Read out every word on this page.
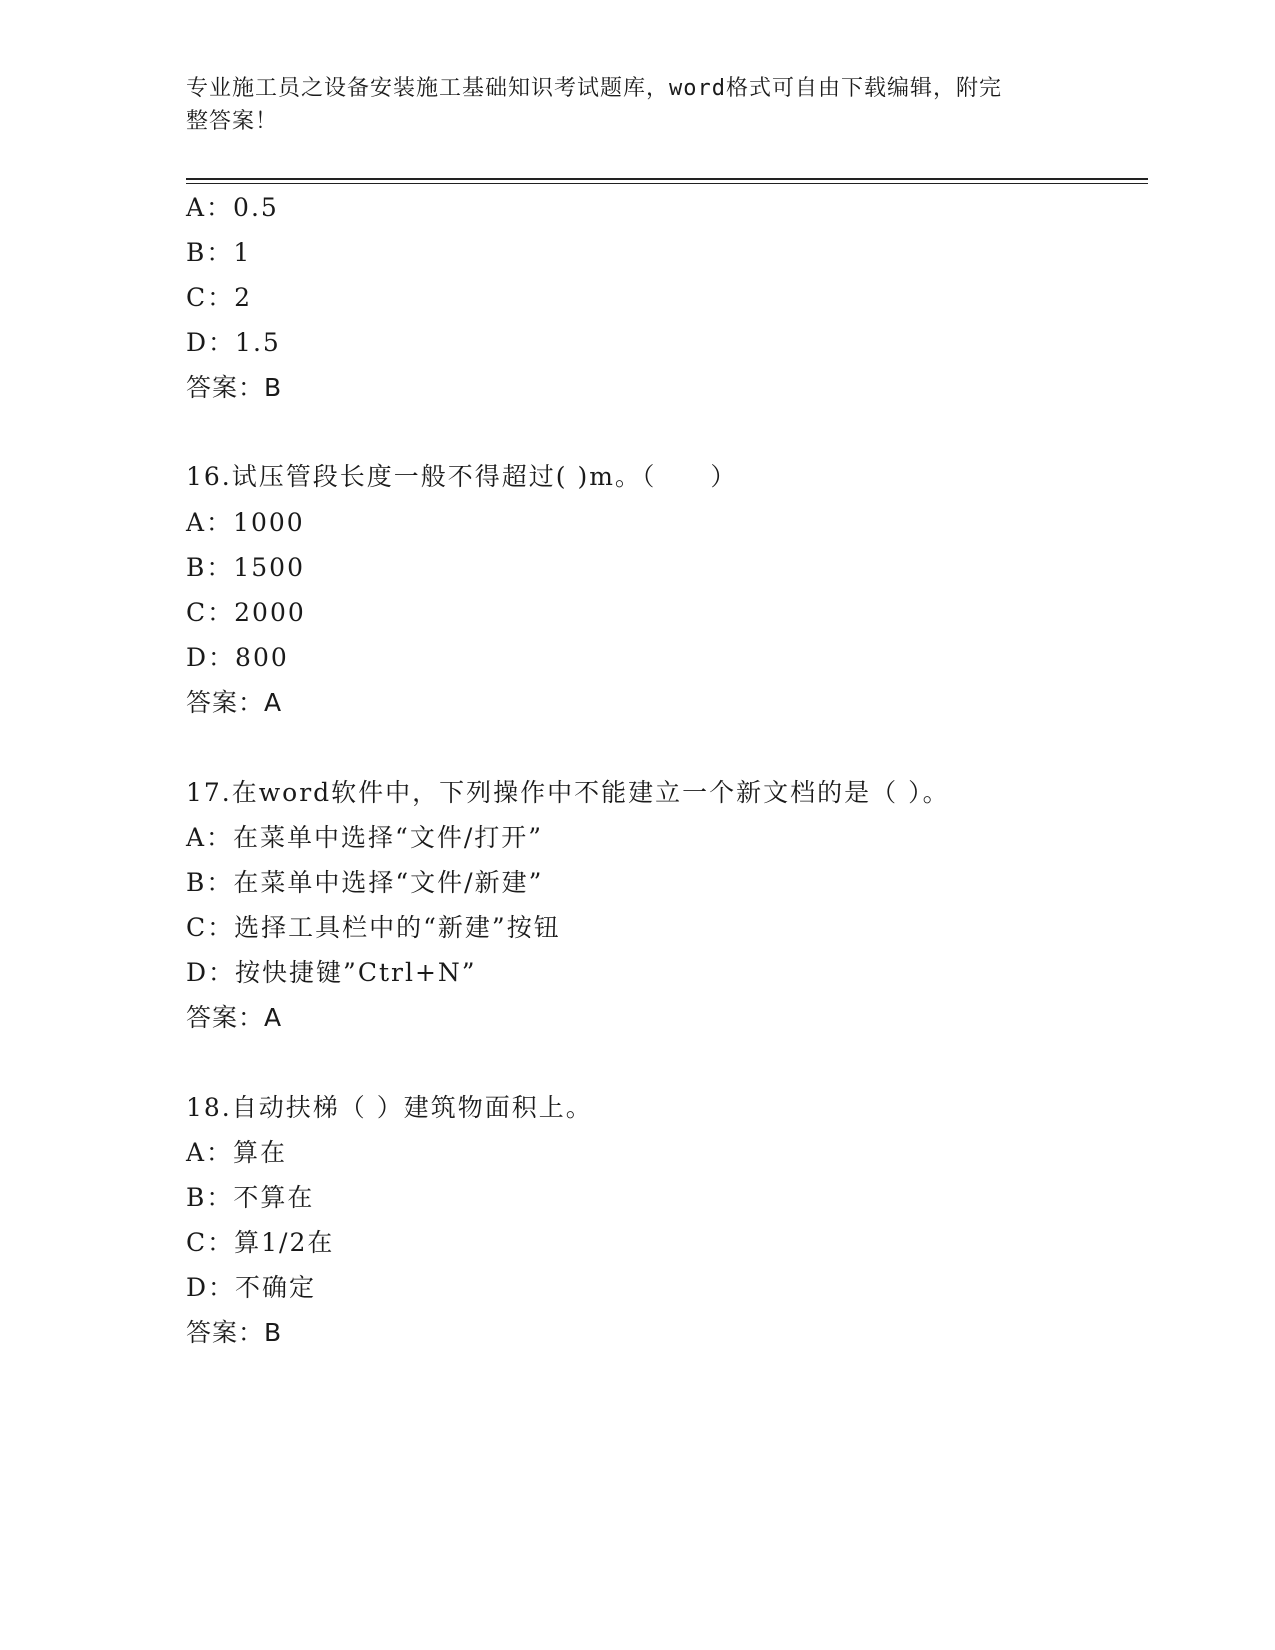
专业施工员之设备安装施工基础知识考试题库，word格式可自由下载编辑，附完
整答案！
A：0.5
B：1
C：2
D：1.5
答案：B
16.试压管段长度一般不得超过( )m。（　　）
A：1000
B：1500
C：2000
D：800
答案：A
17.在word软件中，下列操作中不能建立一个新文档的是（ ）。
A：在菜单中选择“文件/打开”
B：在菜单中选择“文件/新建”
C：选择工具栏中的“新建”按钮
D：按快捷键”Ctrl+N”
答案：A
18.自动扶梯（ ）建筑物面积上。
A：算在
B：不算在
C：算1/2在
D：不确定
答案：B
